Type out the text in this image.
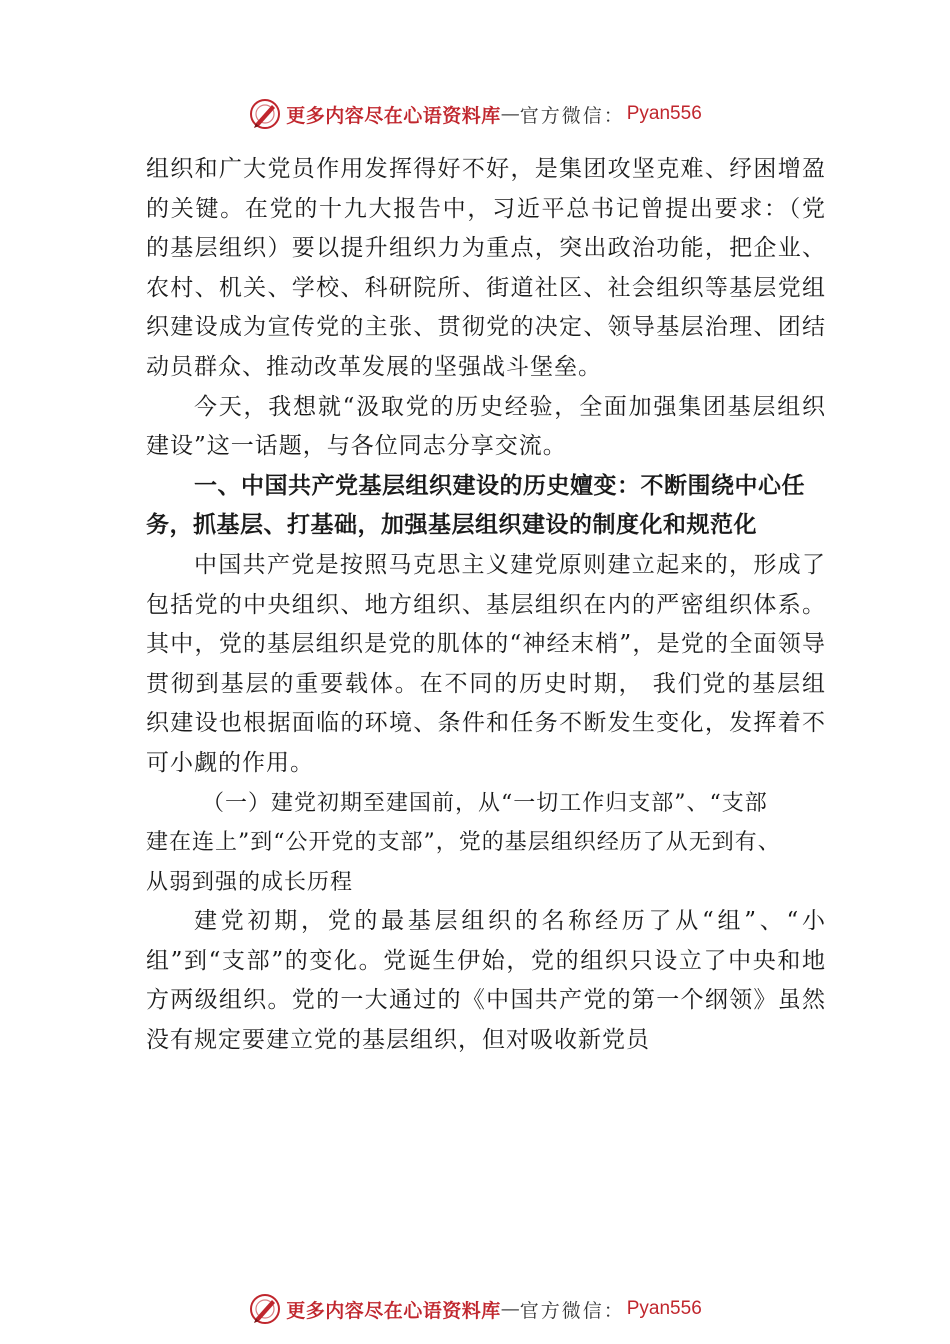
更多内容尽在心语资料库 — 官方微信： Pyan556

组织和广大党员作用发挥得好不好，是集团攻坚克难、纾困增盈的关键。在党的十九大报告中，习近平总书记曾提出要求：（党的基层组织）要以提升组织力为重点，突出政治功能，把企业、农村、机关、学校、科研院所、街道社区、社会组织等基层党组织建设成为宣传党的主张、贯彻党的决定、领导基层治理、团结动员群众、推动改革发展的坚强战斗堡垒。

今天，我想就“汲取党的历史经验，全面加强集团基层组织建设”这一话题，与各位同志分享交流。

一、中国共产党基层组织建设的历史嬗变：不断围绕中心任务，抓基层、打基础，加强基层组织建设的制度化和规范化

中国共产党是按照马克思主义建党原则建立起来的，形成了包括党的中央组织、地方组织、基层组织在内的严密组织体系。其中，党的基层组织是党的肌体的“神经末梢”，是党的全面领导贯彻到基层的重要载体。在不同的历史时期， 我们党的基层组织建设也根据面临的环境、条件和任务不断发生变化，发挥着不可小觑的作用。

（一）建党初期至建国前，从“一切工作归支部”、“支部建在连上”到“公开党的支部”，党的基层组织经历了从无到有、从弱到强的成长历程

建党初期，党的最基层组织的名称经历了从“组”、“小组”到“支部”的变化。党诞生伊始，党的组织只设立了中央和地方两级组织。党的一大通过的《中国共产党的第一个纲领》虽然没有规定要建立党的基层组织，但对吸收新党员

更多内容尽在心语资料库 — 官方微信： Pyan556
